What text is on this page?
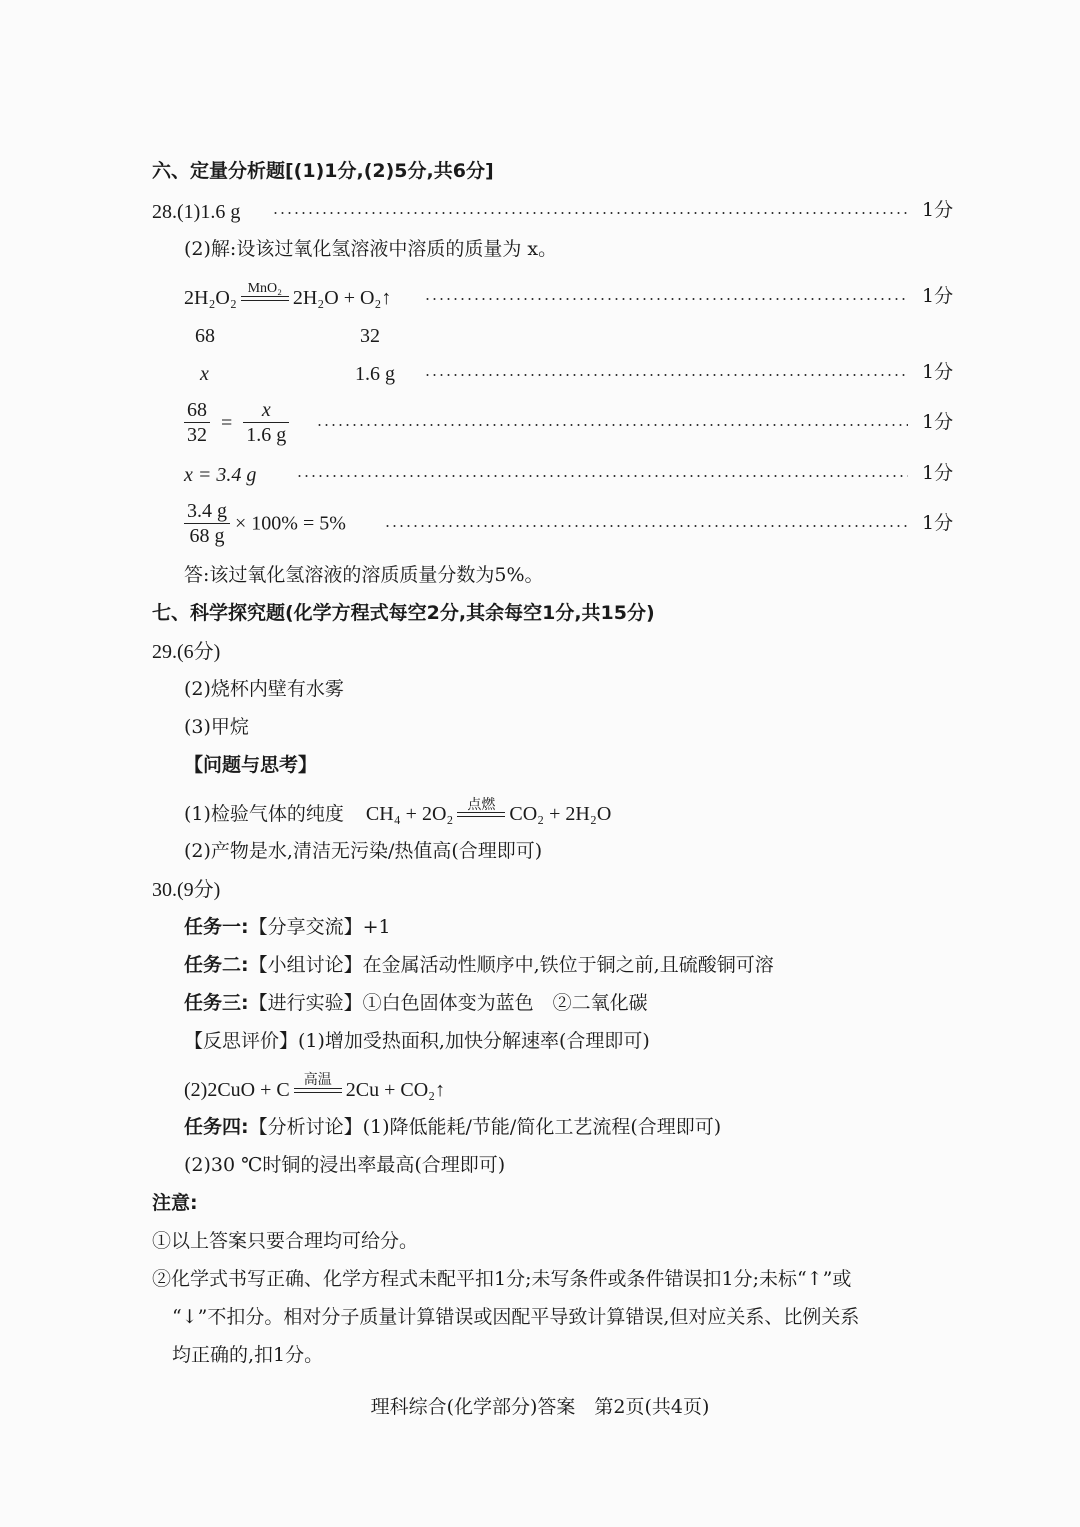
六、定量分析题[(1)1分,(2)5分,共6分]
28.(1)1.6 g	1分
(2)解:设该过氧化氢溶液中溶质的质量为 x。
2H₂O₂ MnO₂ 2H₂O + O₂↑	1分
68	32
x	1.6 g	1分
$\frac{68}{32} = \frac{x}{1.6 g}$	1分
x = 3.4 g	1分
$\frac{3.4 g}{68 g} \times 100\% = 5\%$	1分
答:该过氧化氢溶液的溶质质量分数为5%。
七、科学探究题(化学方程式每空2分,其余每空1分,共15分)
29.(6分)
(2)烧杯内壁有水雾
(3)甲烷
【问题与思考】
(1)检验气体的纯度 CH₄ + 2O₂	点燃 CO₂ + 2H₂O
(2)产物是水,清洁无污染/热值高(合理即可)
30.(9分)
任务一:【分享交流】+1
任务二:【小组讨论】在金属活动性顺序中,铁位于铜之前,且硫酸铜可溶
任务三:【进行实验】①白色固体变为蓝色　②二氧化碳
【反思评价】(1)增加受热面积,加快分解速率(合理即可)
(2)2CuO + C	高温 2Cu + CO₂↑
任务四:【分析讨论】(1)降低能耗/节能/简化工艺流程(合理即可)
(2)30 ℃时铜的浸出率最高(合理即可)
注意:
①以上答案只要合理均可给分。
②化学式书写正确、化学方程式未配平扣1分;未写条件或条件错误扣1分;未标“↑”或
“↓”不扣分。相对分子质量计算错误或因配平导致计算错误,但对应关系、比例关系
均正确的,扣1分。
理科综合(化学部分)答案　第2页(共4页)
